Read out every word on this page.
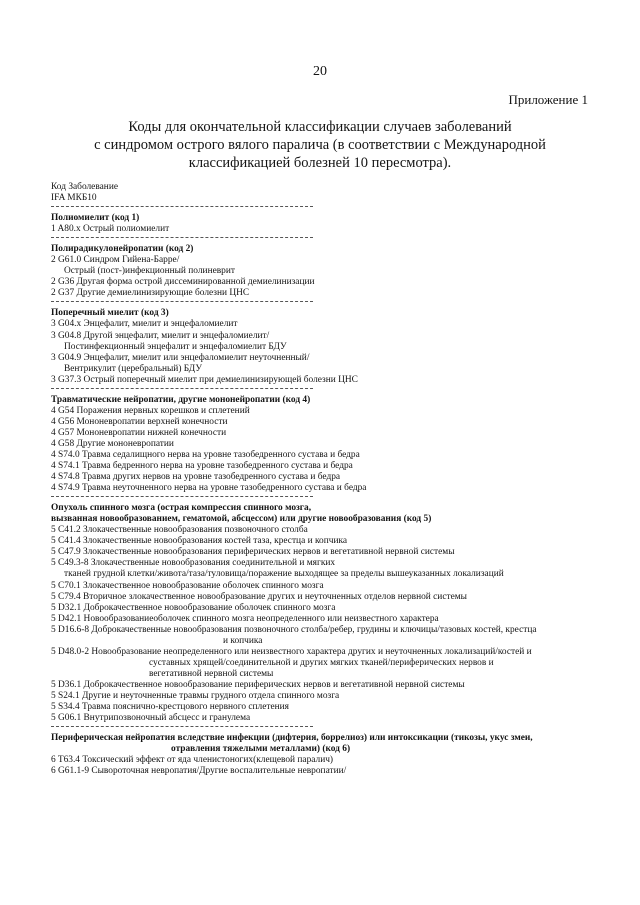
20
Приложение 1
Коды для окончательной классификации случаев заболеваний
с синдромом острого вялого паралича (в соответствии с Международной
классификацией болезней 10 пересмотра).
Код Заболевание
IFA МКБ10
Полиомиелит (код 1)
1 A80.x Острый полиомиелит
Полирадикулонейропатии (код 2)
2 G61.0 Синдром Гийена-Барре/
Острый (пост-)инфекционный полиневрит
2 G36 Другая форма острой диссеминированной демиелинизации
2 G37 Другие демиелинизирующие болезни ЦНС
Поперечный миелит (код 3)
3 G04.x Энцефалит, миелит и энцефаломиелит
3 G04.8 Другой энцефалит, миелит и энцефаломиелит/
Постинфекционный энцефалит и энцефаломиелит БДУ
3 G04.9 Энцефалит, миелит или энцефаломиелит неуточненный/
Вентрикулит (церебральный) БДУ
3 G37.3 Острый поперечный миелит при демиелинизирующей болезни ЦНС
Травматические нейропатии, другие мононейропатии (код 4)
4 G54 Поражения нервных корешков и сплетений
4 G56 Мононевропатии верхней конечности
4 G57 Мононевропатии нижней конечности
4 G58 Другие мононевропатии
4 S74.0 Травма седалищного нерва на уровне тазобедренного сустава и бедра
4 S74.1 Травма бедренного нерва на уровне тазобедренного сустава и бедра
4 S74.8 Травма других нервов на уровне тазобедренного сустава и бедра
4 S74.9 Травма неуточненного нерва на уровне тазобедренного сустава и бедра
Опухоль спинного мозга (острая компрессия спинного мозга,
вызванная новообразованием, гематомой, абсцессом) или другие новообразования (код 5)
5 C41.2 Злокачественные новообразования позвоночного столба
5 C41.4 Злокачественные новообразования костей таза, крестца и копчика
5 C47.9 Злокачественные новообразования периферических нервов и вегетативной нервной системы
5 C49.3-8 Злокачественные новообразования соединительной и мягких
тканей грудной клетки/живота/таза/туловища/поражение выходящее за пределы вышеуказанных локализаций
5 C70.1 Злокачественное новообразование оболочек спинного мозга
5 C79.4 Вторичное злокачественное новообразование других и неуточненных отделов нервной системы
5 D32.1 Доброкачественное новообразование оболочек спинного мозга
5 D42.1 Новообразованиеоболочек спинного мозга неопределенного или неизвестного характера
5 D16.6-8 Доброкачественные новообразования позвоночного столба/ребер, грудины и ключицы/тазовых костей, крестца
и копчика
5 D48.0-2 Новообразование неопределенного или неизвестного характера других и неуточненных локализаций/костей и
суставных хрящей/соединительной и других мягких тканей/периферических нервов и
вегетативной нервной системы
5 D36.1 Доброкачественное новообразование периферических нервов и вегетативной нервной системы
5 S24.1 Другие и неуточненные травмы грудного отдела спинного мозга
5 S34.4 Травма пояснично-крестцового нервного сплетения
5 G06.1 Внутрипозвоночный абсцесс и гранулема
Периферическая нейропатия вследствие инфекции (дифтерия, боррелиоз) или интоксикации (тикозы, укус змеи,
отравления тяжелыми металлами) (код 6)
6 T63.4 Токсический эффект от яда членистоногих(клещевой паралич)
6 G61.1-9 Сывороточная невропатия/Другие воспалительные невропатии/
